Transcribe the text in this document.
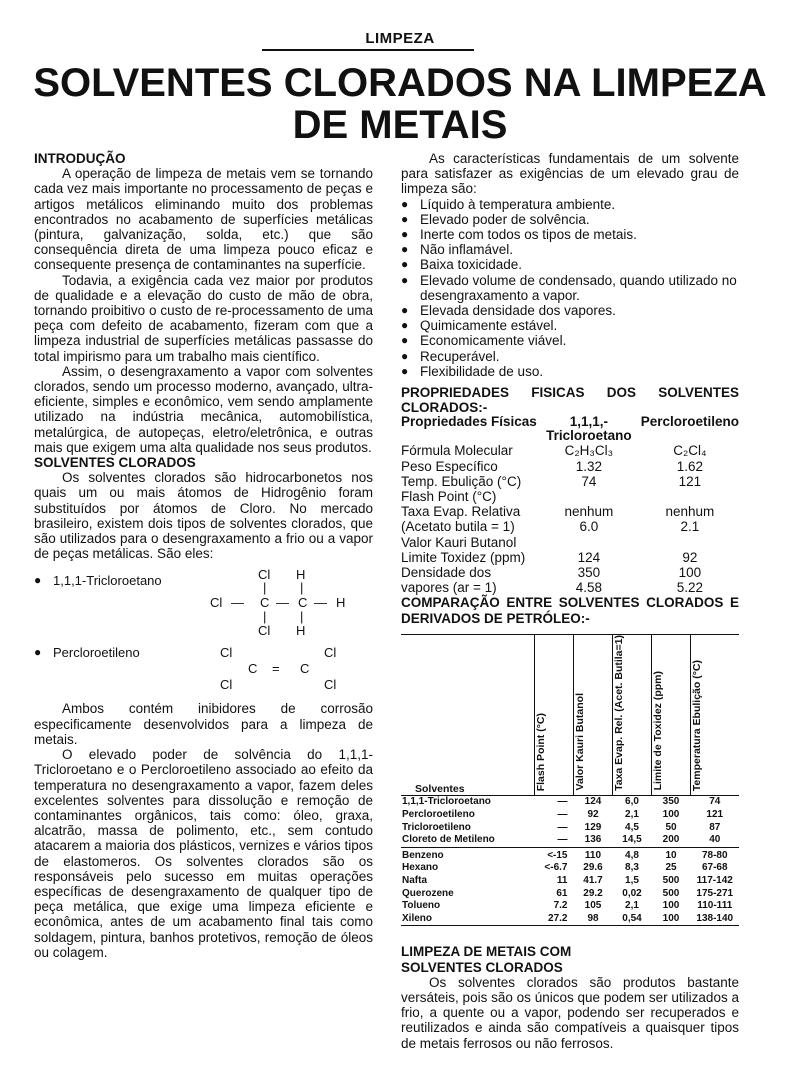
LIMPEZA
SOLVENTES CLORADOS NA LIMPEZA
DE METAIS
INTRODUÇÃO

A operação de limpeza de metais vem se tornando cada vez mais importante no processamento de peças e artigos metálicos eliminando muito dos problemas encontrados no acabamento de superfícies metálicas (pintura, galvanização, solda, etc.) que são consequência direta de uma limpeza pouco eficaz e consequente presença de contaminantes na superfície.

Todavia, a exigência cada vez maior por produtos de qualidade e a elevação do custo de mão de obra, tornando proibitivo o custo de re-processamento de uma peça com defeito de acabamento, fizeram com que a limpeza industrial de superfícies metálicas passasse do total impirismo para um trabalho mais científico.

Assim, o desengraxamento a vapor com solventes clorados, sendo um processo moderno, avançado, ultra-eficiente, simples e econômico, vem sendo amplamente utilizado na indústria mecânica, automobilística, metalúrgica, de autopeças, eletro/eletrônica, e outras mais que exigem uma alta qualidade nos seus produtos.

SOLVENTES CLORADOS

Os solventes clorados são hidrocarbonetos nos quais um ou mais átomos de Hidrogênio foram substituídos por átomos de Cloro. No mercado brasileiro, existem dois tipos de solventes clorados, que são utilizados para o desengraxamento a frio ou a vapor de peças metálicas. São eles:

● 1,1,1-Tricloroetano	Cl H
|	|
Cl — C — C — H
|	|
Cl H
● Percloroetileno	Cl	Cl
C = C
Cl	Cl

Ambos contém inibidores de corrosão especificamente desenvolvidos para a limpeza de metais.

O elevado poder de solvência do 1,1,1-Tricloroetano e o Percloroetileno associado ao efeito da temperatura no desengraxamento a vapor, fazem deles excelentes solventes para dissolução e remoção de contaminantes orgânicos, tais como: óleo, graxa, alcatrão, massa de polimento, etc., sem contudo atacarem a maioria dos plásticos, vernizes e vários tipos de elastomeros. Os solventes clorados são os responsáveis pelo sucesso em muitas operações específicas de desengraxamento de qualquer tipo de peça metálica, que exige uma limpeza eficiente e econômica, antes de um acabamento final tais como soldagem, pintura, banhos protetivos, remoção de óleos ou colagem.

As características fundamentais de um solvente para satisfazer as exigências de um elevado grau de limpeza são:

● Líquido à temperatura ambiente.
● Elevado poder de solvência.
● Inerte com todos os tipos de metais.
● Não inflamável.
● Baixa toxicidade.
● Elevado volume de condensado, quando utilizado no desengraxamento a vapor.
● Elevada densidade dos vapores.
● Quimicamente estável.
● Economicamente viável.
● Recuperável.
● Flexibilidade de uso.
PROPRIEDADES FISICAS DOS SOLVENTES CLORADOS:-
Propriedades Físicas	1,1,1,-Tricloroetano	Percloroetileno
Fórmula Molecular	C₂H₃Cl₃	C₂Cl₄
Peso Específico	1.32	1.62
Temp. Ebulição (°C)	74	121
Flash Point (°C)		
Taxa Evap. Relativa	nenhum	nenhum
(Acetato butila = 1)	6.0	2.1
Valor Kauri Butanol		
Limite Toxidez (ppm)	124	92
Densidade dos	350	100
vapores (ar = 1)	4.58	5.22
COMPARAÇÃO ENTRE SOLVENTES CLORADOS E DERIVADOS DE PETRÓLEO:-
Solventes	Flash Point (°C)	Valor Kauri Butanol	Taxa Evap. Rel. (Acet. Butila=1)	Limite de Toxidez (ppm)	Temperatura Ebulição (°C)
1,1,1-Tricloroetano	—	124	6,0	350	74
Percloroetileno	—	92	2,1	100	121
Tricloroetileno	—	129	4,5	50	87
Cloreto de Metileno	—	136	14,5	200	40
Benzeno	<-15	110	4,8	10	78-80
Hexano	<-6.7	29.6	8,3	25	67-68
Nafta	11	41.7	1,5	500	117-142
Querozene	61	29.2	0,02	500	175-271
Tolueno	7.2	105	2,1	100	110-111
Xileno	27.2	98	0,54	100	138-140
LIMPEZA DE METAIS COM
SOLVENTES CLORADOS

Os solventes clorados são produtos bastante versáteis, pois são os únicos que podem ser utilizados a frio, a quente ou a vapor, podendo ser recuperados e reutilizados e ainda são compatíveis a quaisquer tipos de metais ferrosos ou não ferrosos.
